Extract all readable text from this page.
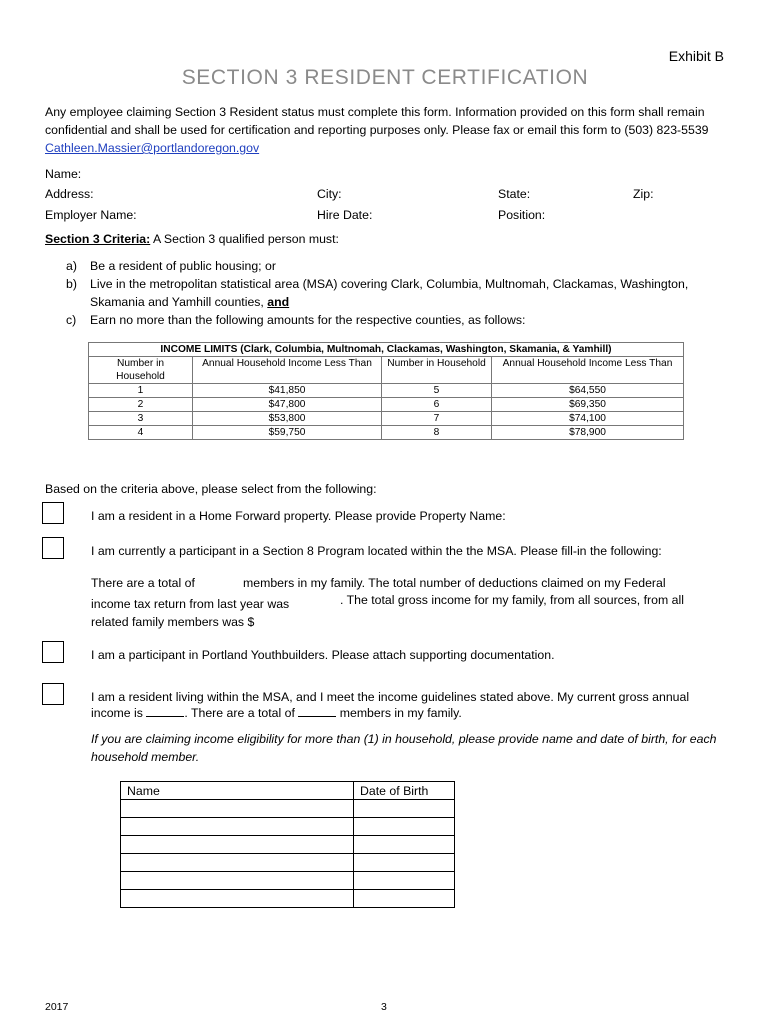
Exhibit B
SECTION 3 RESIDENT CERTIFICATION
Any employee claiming Section 3 Resident status must complete this form. Information provided on this form shall remain confidential and shall be used for certification and reporting purposes only. Please fax or email this form to (503) 823-5539 Cathleen.Massier@portlandoregon.gov
Name:
Address:	City:	State:	Zip:
Employer Name:	Hire Date:	Position:
Section 3 Criteria: A Section 3 qualified person must:
a)	Be a resident of public housing; or
b)	Live in the metropolitan statistical area (MSA) covering Clark, Columbia, Multnomah, Clackamas, Washington, Skamania and Yamhill counties, and
c)	Earn no more than the following amounts for the respective counties, as follows:
INCOME LIMITS (Clark, Columbia, Multnomah, Clackamas, Washington, Skamania, & Yamhill)			
Number in Household	Annual Household Income Less Than	Number in Household	Annual Household Income Less Than
1	$41,850	5	$64,550
2	$47,800	6	$69,350
3	$53,800	7	$74,100
4	$59,750	8	$78,900
Based on the criteria above, please select from the following:
I am a resident in a Home Forward property. Please provide Property Name:
I am currently a participant in a Section 8 Program located within the the MSA. Please fill-in the following:
There are a total of	members in my family. The total number of deductions claimed on my Federal
income tax return from last year was	. The total gross income for my family, from all sources, from all
related family members was $
I am a participant in Portland Youthbuilders. Please attach supporting documentation.
I am a resident living within the MSA, and I meet the income guidelines stated above. My current gross annual
income is	. There are a total of	members in my family.
If you are claiming income eligibility for more than (1) in household, please provide name and date of birth, for each household member.
Name	Date of Birth

2017	3
